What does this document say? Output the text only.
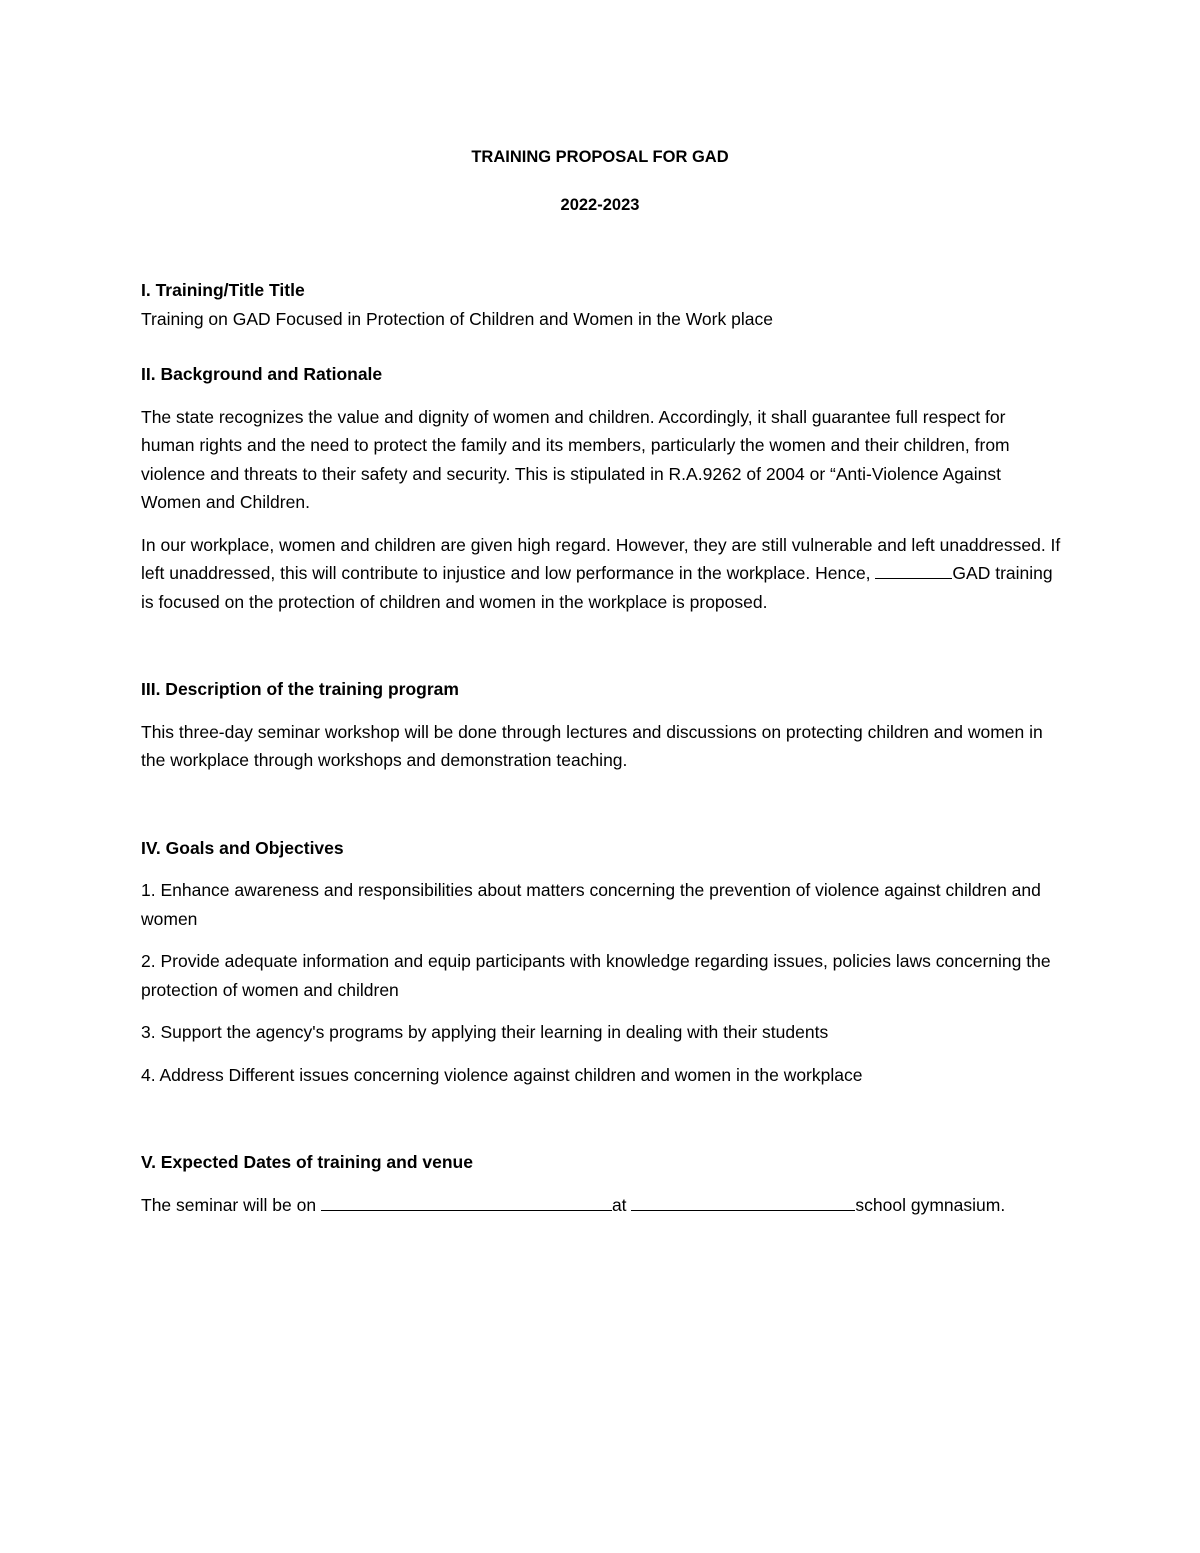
TRAINING PROPOSAL FOR GAD
2022-2023
I. Training/Title Title

Training on GAD Focused in Protection of Children and Women in the Work place

II. Background and Rationale

The state recognizes the value and dignity of women and children. Accordingly, it shall guarantee full respect for human rights and the need to protect the family and its members, particularly the women and their children, from violence and threats to their safety and security. This is stipulated in R.A.9262 of 2004 or “Anti-Violence Against Women and Children.

In our workplace, women and children are given high regard. However, they are still vulnerable and left unaddressed. If left unaddressed, this will contribute to injustice and low performance in the workplace. Hence,	GAD training is focused on the protection of children and women in the workplace is proposed.

III. Description of the training program

This three-day seminar workshop will be done through lectures and discussions on protecting children and women in the workplace through workshops and demonstration teaching.

IV. Goals and Objectives

1. Enhance awareness and responsibilities about matters concerning the prevention of violence against children and women

2. Provide adequate information and equip participants with knowledge regarding issues, policies laws concerning the protection of women and children

3. Support the agency's programs by applying their learning in dealing with their students

4. Address Different issues concerning violence against children and women in the workplace

V. Expected Dates of training and venue

The seminar will be on	at	school gymnasium.
